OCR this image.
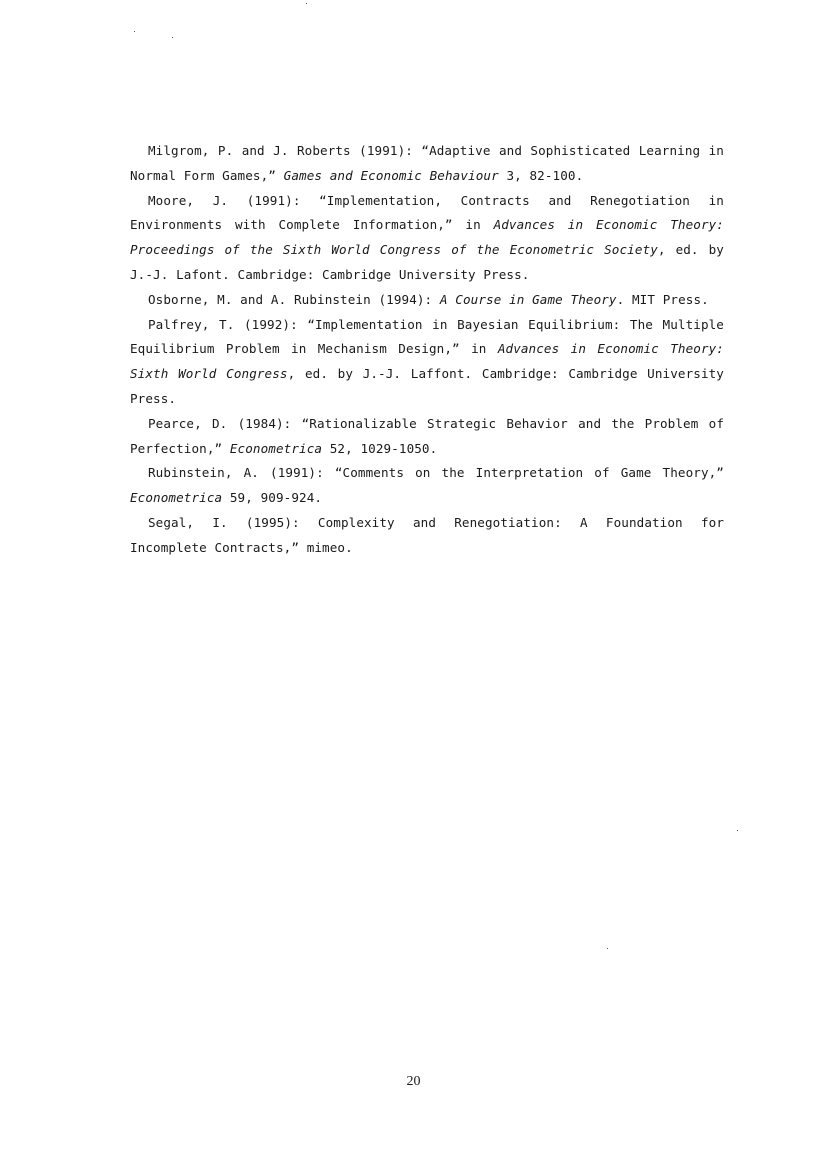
Milgrom, P. and J. Roberts (1991): “Adaptive and Sophisticated Learning in Normal Form Games,” Games and Economic Behaviour 3, 82-100.

Moore, J. (1991): “Implementation, Contracts and Renegotiation in Environments with Complete Information,” in Advances in Economic Theory: Proceedings of the Sixth World Congress of the Econometric Society, ed. by J.-J. Lafont. Cambridge: Cambridge University Press.

Osborne, M. and A. Rubinstein (1994): A Course in Game Theory. MIT Press.

Palfrey, T. (1992): “Implementation in Bayesian Equilibrium: The Multiple Equilibrium Problem in Mechanism Design,” in Advances in Economic Theory: Sixth World Congress, ed. by J.-J. Laffont. Cambridge: Cambridge University Press.

Pearce, D. (1984): “Rationalizable Strategic Behavior and the Problem of Perfection,” Econometrica 52, 1029-1050.

Rubinstein, A. (1991): “Comments on the Interpretation of Game Theory,” Econometrica 59, 909-924.

Segal, I. (1995): Complexity and Renegotiation: A Foundation for Incomplete Contracts,” mimeo.

20
